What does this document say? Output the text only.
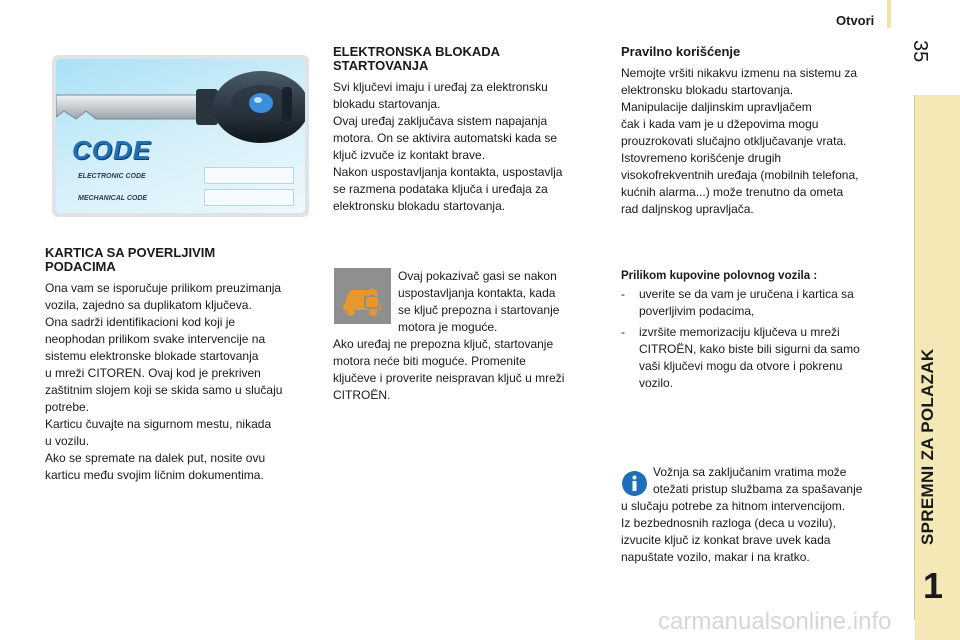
Otvori
35
SPREMNI ZA POLAZAK
1
CODE
ELECTRONIC CODE
MECHANICAL CODE
KARTICA SA POVERLJIVIM
PODACIMA
Ona vam se isporučuje prilikom preuzimanja
vozila, zajedno sa duplikatom ključeva.
Ona sadrži identifikacioni kod koji je
neophodan prilikom svake intervencije na
sistemu elektronske blokade startovanja
u mreži CITOREN. Ovaj kod je prekriven
zaštitnim slojem koji se skida samo u slučaju
potrebe.
Karticu čuvajte na sigurnom mestu, nikada
u vozilu.
Ako se spremate na dalek put, nosite ovu
karticu među svojim ličnim dokumentima.
ELEKTRONSKA BLOKADA
STARTOVANJA
Svi ključevi imaju i uređaj za elektronsku
blokadu startovanja.
Ovaj uređaj zaključava sistem napajanja
motora. On se aktivira automatski kada se
ključ izvuče iz kontakt brave.
Nakon uspostavljanja kontakta, uspostavlja
se razmena podataka ključa i uređaja za
elektronsku blokadu startovanja.
Ovaj pokazivač gasi se nakon
uspostavljanja kontakta, kada
se ključ prepozna i startovanje
motora je moguće.
Ako uređaj ne prepozna ključ, startovanje
motora neće biti moguće. Promenite
ključeve i proverite neispravan ključ u mreži
CITROËN.
Pravilno korišćenje
Nemojte vršiti nikakvu izmenu na sistemu za
elektronsku blokadu startovanja.
Manipulacije daljinskim upravljačem
čak i kada vam je u džepovima mogu
prouzrokovati slučajno otključavanje vrata.
Istovremeno korišćenje drugih
visokofrekventnih uređaja (mobilnih telefona,
kućnih alarma...) može trenutno da ometa
rad daljnskog upravljača.
Prilikom kupovine polovnog vozila :
-	uverite se da vam je uručena i kartica sa
poverljivim podacima,
-	izvršite memorizaciju ključeva u mreži
CITROËN, kako biste bili sigurni da samo
vaši ključevi mogu da otvore i pokrenu
vozilo.
Vožnja sa zaključanim vratima može
otežati pristup službama za spašavanje
u slučaju potrebe za hitnom intervencijom.
Iz bezbednosnih razloga (deca u vozilu),
izvucite ključ iz konkat brave uvek kada
napuštate vozilo, makar i na kratko.
carmanualsonline.info
